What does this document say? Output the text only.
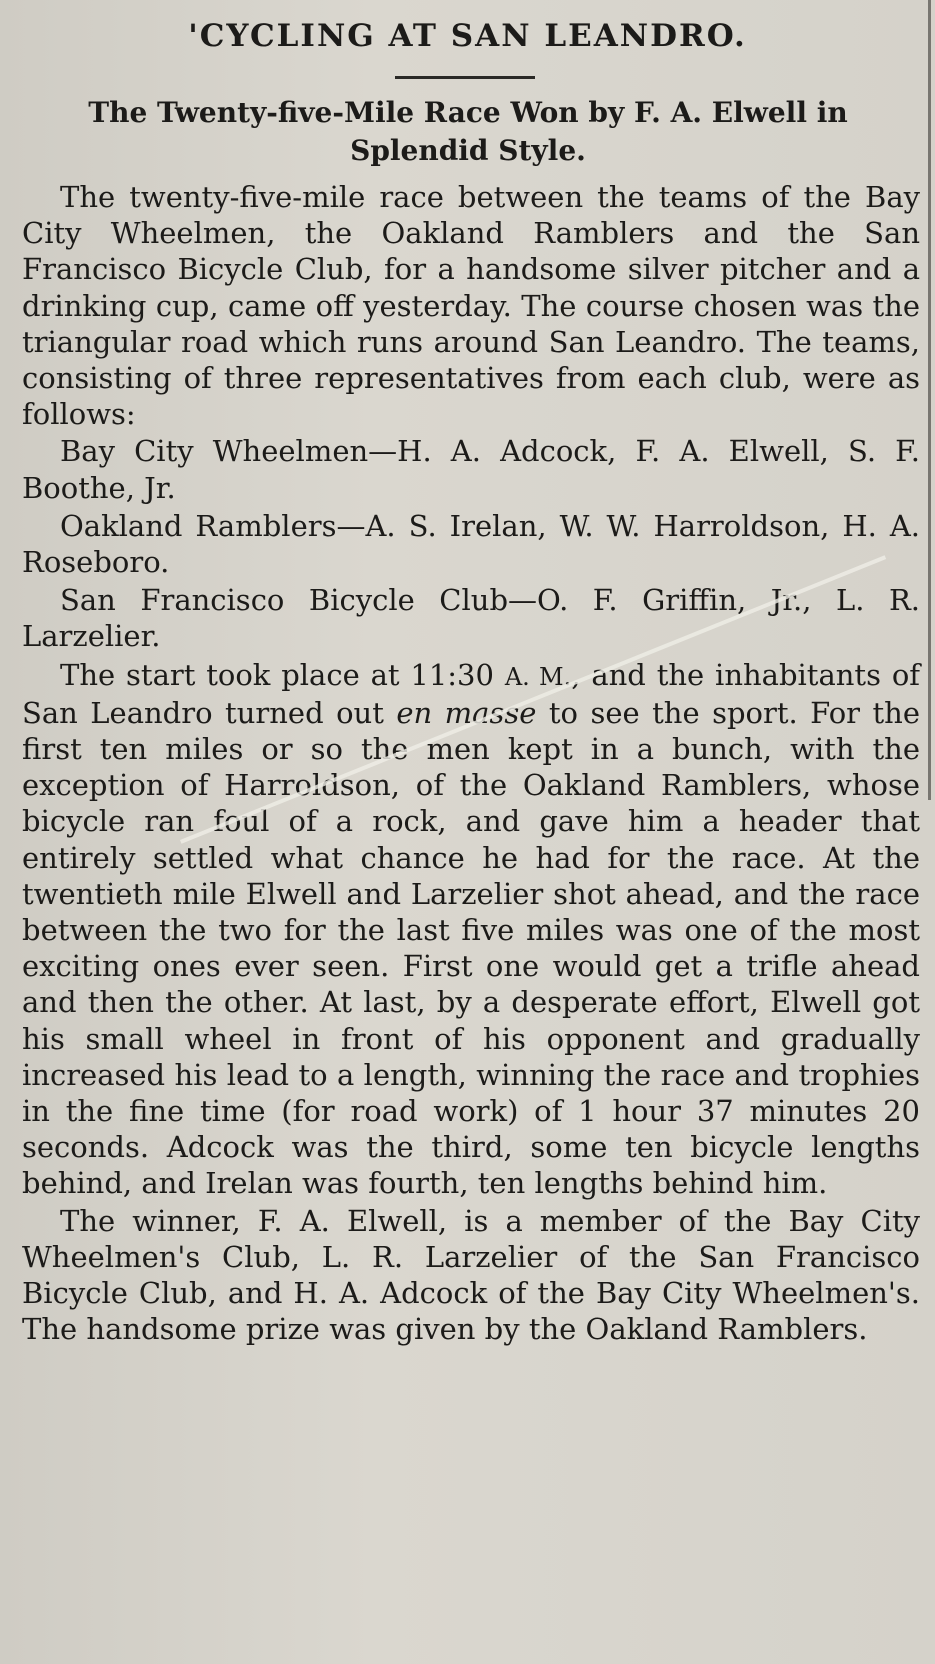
'CYCLING AT SAN LEANDRO.
The Twenty-five-Mile Race Won by F. A. Elwell in Splendid Style.

The twenty-five-mile race between the teams of the Bay City Wheelmen, the Oakland Ramblers and the San Francisco Bicycle Club, for a handsome silver pitcher and a drinking cup, came off yesterday. The course chosen was the triangular road which runs around San Leandro. The teams, consisting of three representatives from each club, were as follows:

Bay City Wheelmen—H. A. Adcock, F. A. Elwell, S. F. Boothe, Jr.

Oakland Ramblers—A. S. Irelan, W. W. Harroldson, H. A. Roseboro.

San Francisco Bicycle Club—O. F. Griffin, Jr., L. R. Larzelier.

The start took place at 11:30 A. M., and the inhabitants of San Leandro turned out en masse to see the sport. For the first ten miles or so the men kept in a bunch, with the exception of Harroldson, of the Oakland Ramblers, whose bicycle ran foul of a rock, and gave him a header that entirely settled what chance he had for the race. At the twentieth mile Elwell and Larzelier shot ahead, and the race between the two for the last five miles was one of the most exciting ones ever seen. First one would get a trifle ahead and then the other. At last, by a desperate effort, Elwell got his small wheel in front of his opponent and gradually increased his lead to a length, winning the race and trophies in the fine time (for road work) of 1 hour 37 minutes 20 seconds. Adcock was the third, some ten bicycle lengths behind, and Irelan was fourth, ten lengths behind him.

The winner, F. A. Elwell, is a member of the Bay City Wheelmen's Club, L. R. Larzelier of the San Francisco Bicycle Club, and H. A. Adcock of the Bay City Wheelmen's. The handsome prize was given by the Oakland Ramblers.
